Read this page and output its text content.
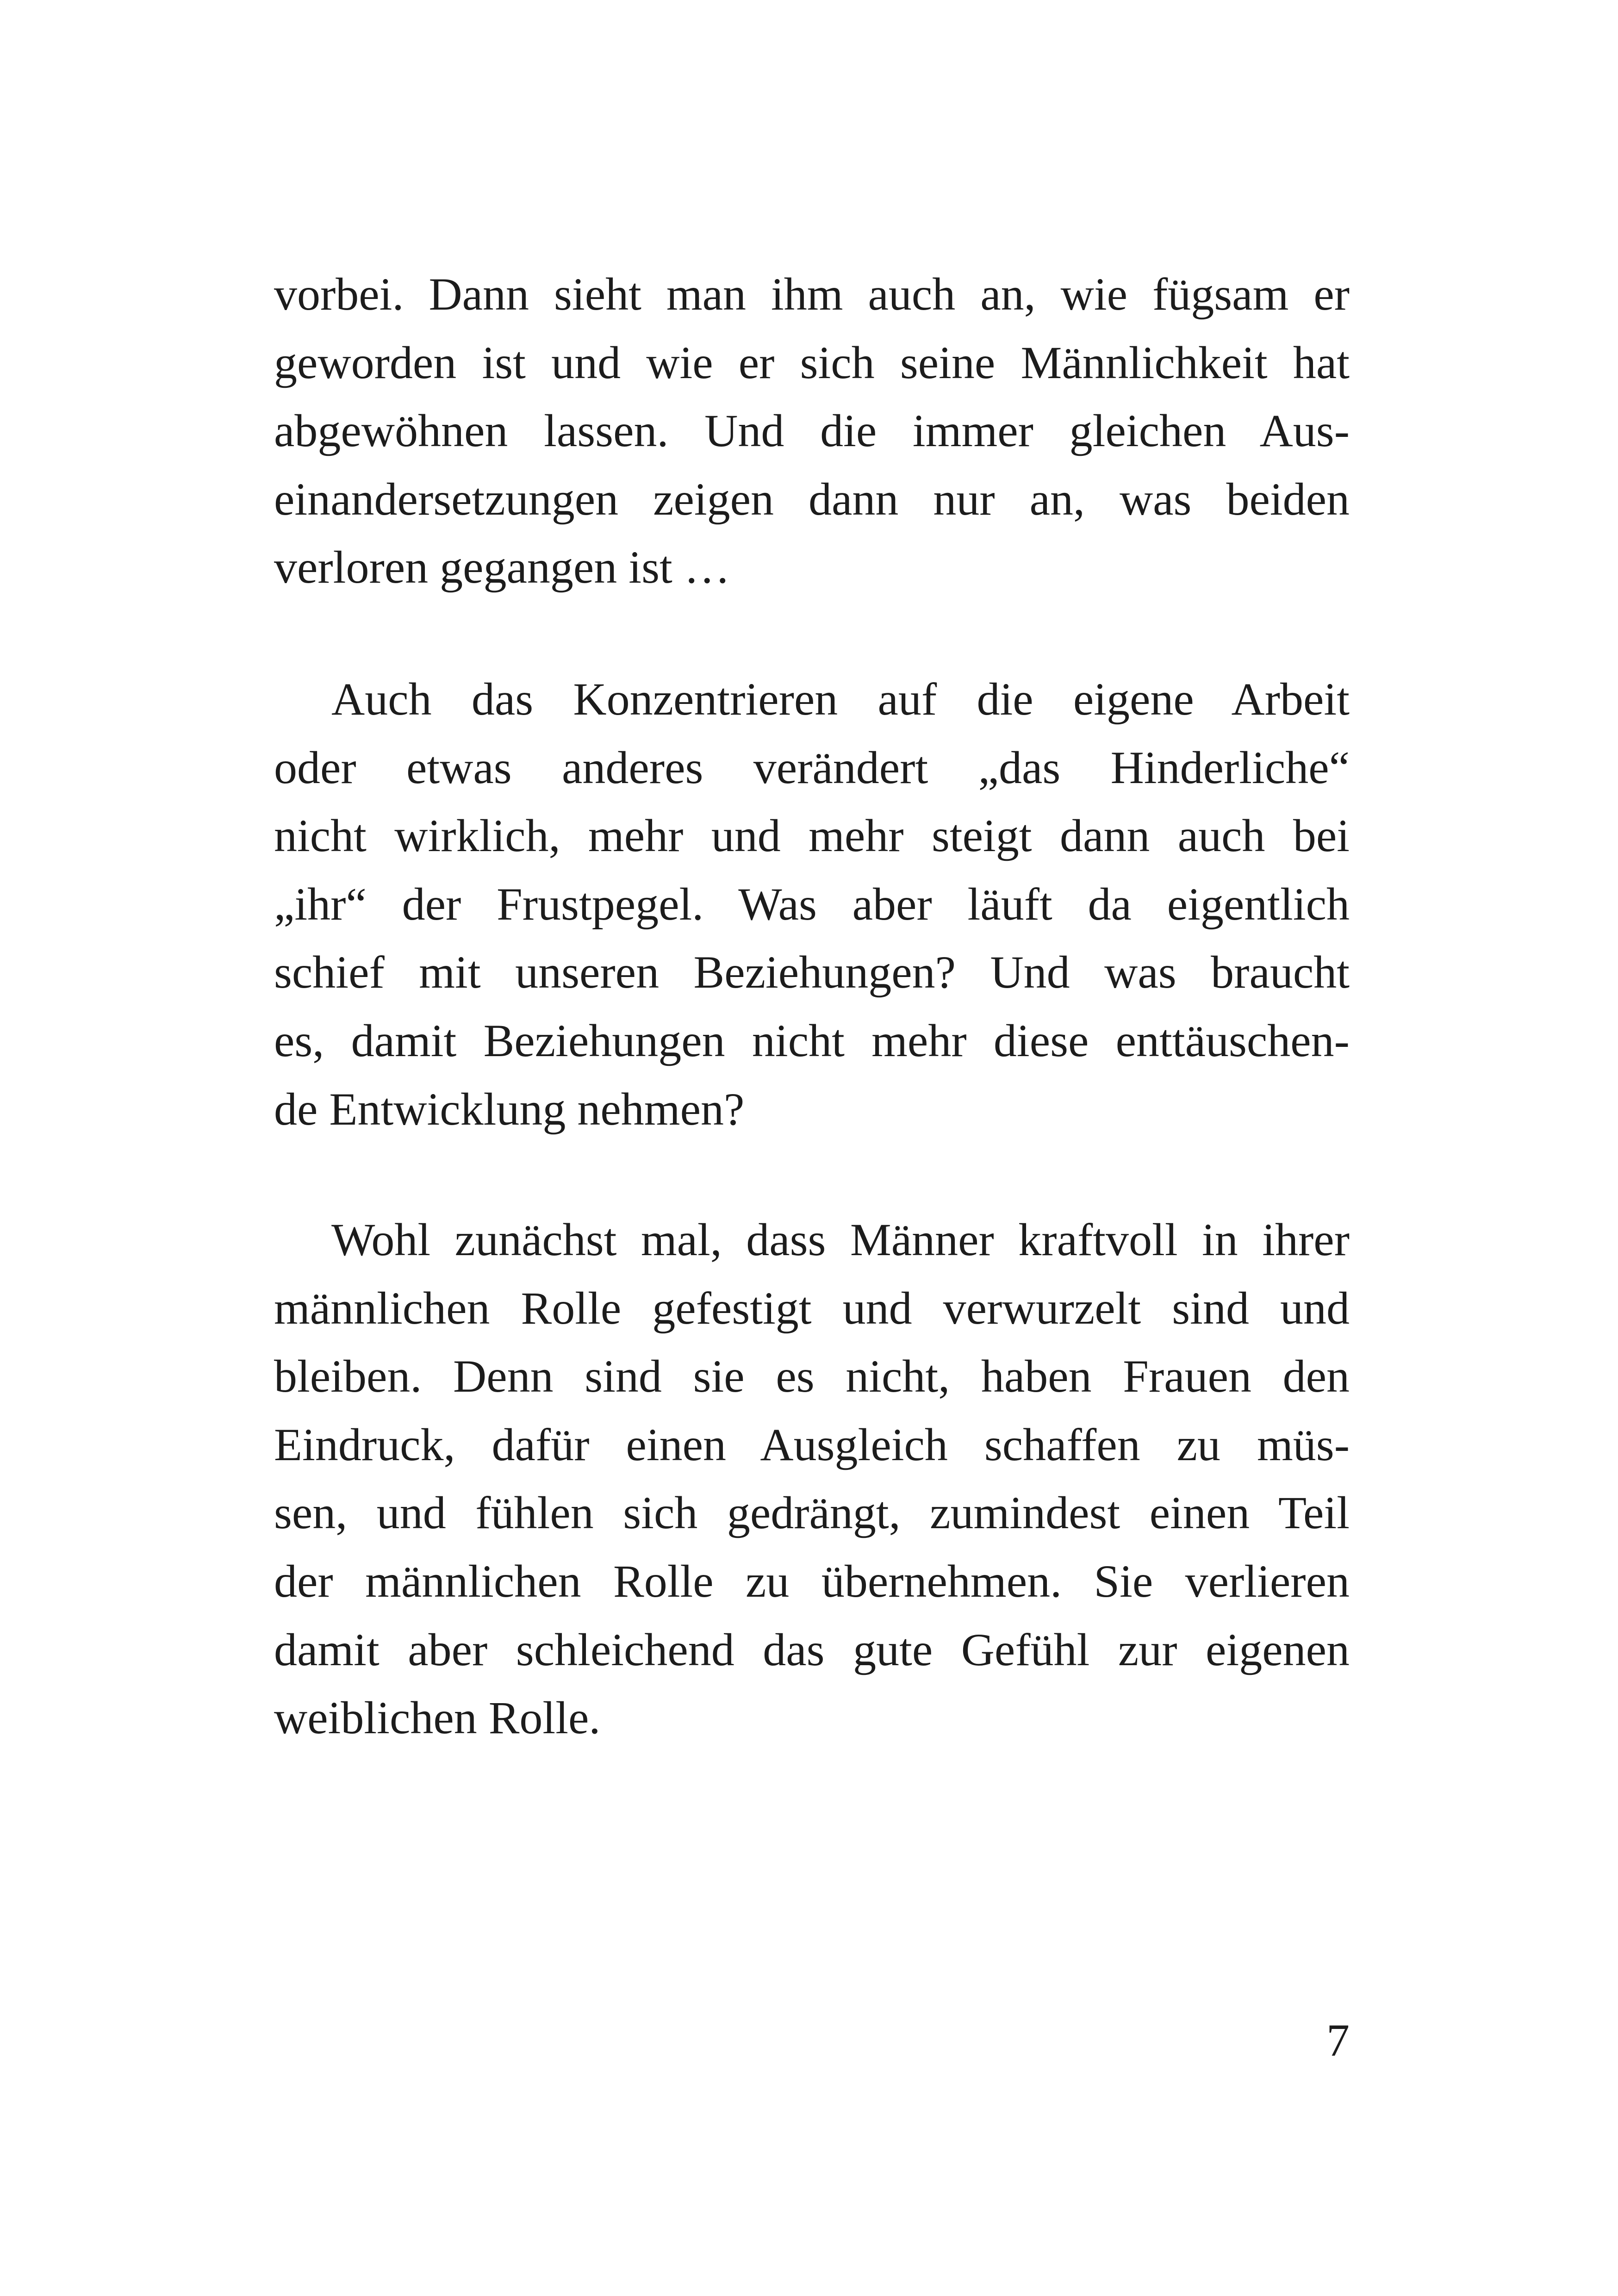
vorbei. Dann sieht man ihm auch an, wie fügsam er
geworden ist und wie er sich seine Männlichkeit hat
abgewöhnen lassen. Und die immer gleichen Aus-
einandersetzungen zeigen dann nur an, was beiden
verloren gegangen ist …
Auch das Konzentrieren auf die eigene Arbeit
oder etwas anderes verändert „das Hinderliche“
nicht wirklich, mehr und mehr steigt dann auch bei
„ihr“ der Frustpegel. Was aber läuft da eigentlich
schief mit unseren Beziehungen? Und was braucht
es, damit Beziehungen nicht mehr diese enttäuschen-
de Entwicklung nehmen?
Wohl zunächst mal, dass Männer kraftvoll in ihrer
männlichen Rolle gefestigt und verwurzelt sind und
bleiben. Denn sind sie es nicht, haben Frauen den
Eindruck, dafür einen Ausgleich schaffen zu müs-
sen, und fühlen sich gedrängt, zumindest einen Teil
der männlichen Rolle zu übernehmen. Sie verlieren
damit aber schleichend das gute Gefühl zur eigenen
weiblichen Rolle.
7
